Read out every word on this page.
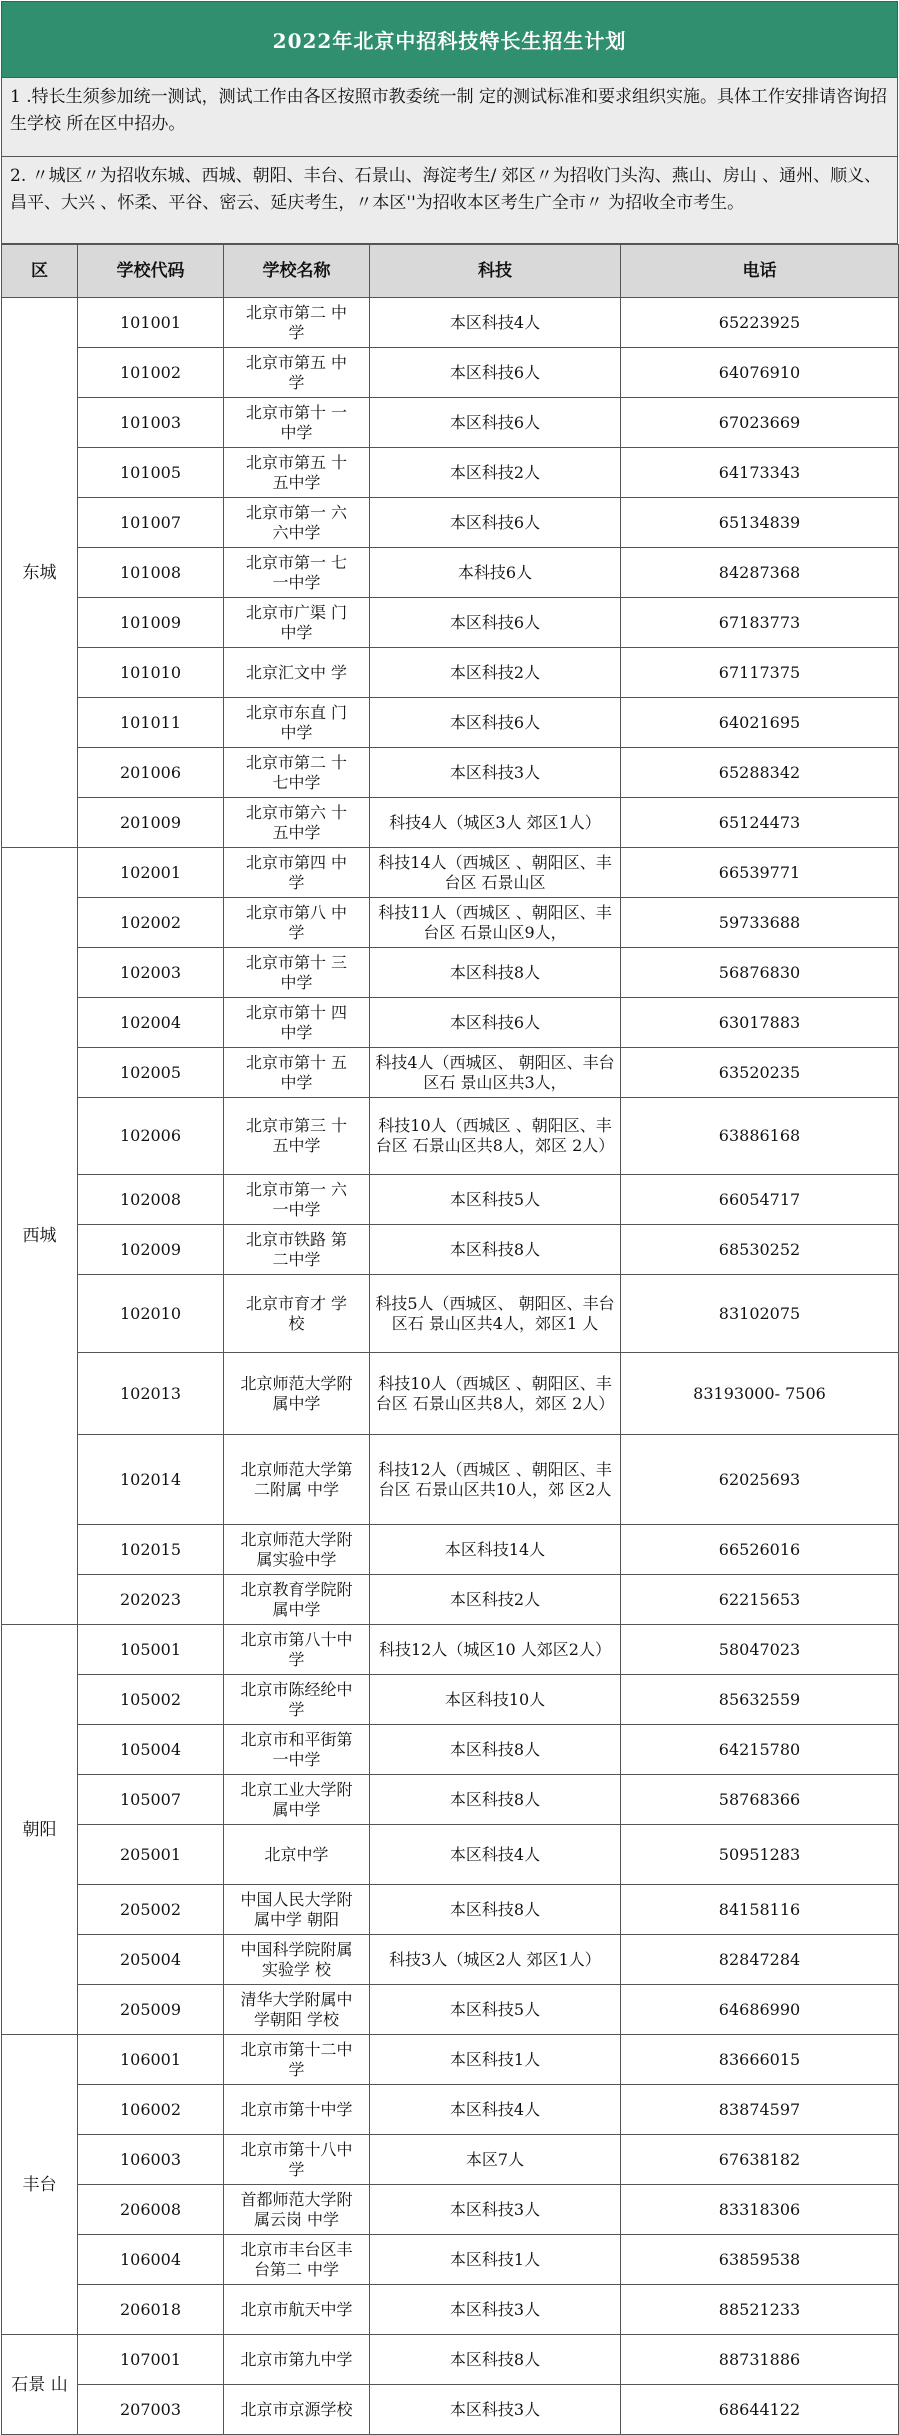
2022年北京中招科技特长生招生计划
1 .特长生须参加统一测试，测试工作由各区按照市教委统一制 定的测试标准和要求组织实施。具体工作安排请咨询招生学校 所在区中招办。
2. 〃城区〃为招收东城、西城、朝阳、丰台、石景山、海淀考生/ 郊区〃为招收门头沟、燕山、房山 、通州、顺义、昌平、大兴 、怀柔、平谷、密云、延庆考生，〃本区''为招收本区考生广全市〃 为招收全市考生。
区	学校代码	学校名称	科技	电话
东城	101001	北京市第二 中学	本区科技4人	65223925
	101002	北京市第五 中学	本区科技6人	64076910
	101003	北京市第十 一中学	本区科技6人	67023669
	101005	北京市第五 十五中学	本区科技2人	64173343
	101007	北京市第一 六六中学	本区科技6人	65134839
	101008	北京市第一 七一中学	本科技6人	84287368
	101009	北京市广渠 门中学	本区科技6人	67183773
	101010	北京汇文中 学	本区科技2人	67117375
	101011	北京市东直 门中学	本区科技6人	64021695
	201006	北京市第二 十七中学	本区科技3人	65288342
	201009	北京市第六 十五中学	科技4人（城区3人 郊区1人）	65124473
西城	102001	北京市第四 中学	科技14人（西城区 、朝阳区、丰台区 石景山区	66539771
	102002	北京市第八 中学	科技11人（西城区 、朝阳区、丰台区 石景山区9人，	59733688
	102003	北京市第十 三中学	本区科技8人	56876830
	102004	北京市第十 四中学	本区科技6人	63017883
	102005	北京市第十 五中学	科技4人（西城区、 朝阳区、丰台区石 景山区共3人，	63520235
	102006	北京市第三 十五中学	科技10人（西城区 、朝阳区、丰台区 石景山区共8人，郊区 2人）	63886168
	102008	北京市第一 六一中学	本区科技5人	66054717
	102009	北京市铁路 第二中学	本区科技8人	68530252
	102010	北京市育才 学校	科技5人（西城区、 朝阳区、丰台区石 景山区共4人，郊区1 人	83102075
	102013	北京师范大学附属中学	科技10人（西城区 、朝阳区、丰台区 石景山区共8人，郊区 2人）	83193000- 7506
	102014	北京师范大学第二附属 中学	科技12人（西城区 、朝阳区、丰台区 石景山区共10人，郊 区2人	62025693
	102015	北京师范大学附属实验中学	本区科技14人	66526016
	202023	北京教育学院附属中学	本区科技2人	62215653
朝阳	105001	北京市第八十中学	科技12人（城区10 人郊区2人）	58047023
	105002	北京市陈经纶中学	本区科技10人	85632559
	105004	北京市和平街第一中学	本区科技8人	64215780
	105007	北京工业大学附属中学	本区科技8人	58768366
	205001	北京中学	本区科技4人	50951283
	205002	中国人民大学附属中学 朝阳	本区科技8人	84158116
	205004	中国科学院附属实验学 校	科技3人（城区2人 郊区1人）	82847284
	205009	清华大学附属中学朝阳 学校	本区科技5人	64686990
丰台	106001	北京市第十二中学	本区科技1人	83666015
	106002	北京市第十中学	本区科技4人	83874597
	106003	北京市第十八中学	本区7人	67638182
	206008	首都师范大学附属云岗 中学	本区科技3人	83318306
	106004	北京市丰台区丰台第二 中学	本区科技1人	63859538
	206018	北京市航天中学	本区科技3人	88521233
石景 山	107001	北京市第九中学	本区科技8人	88731886
	207003	北京市京源学校	本区科技3人	68644122
